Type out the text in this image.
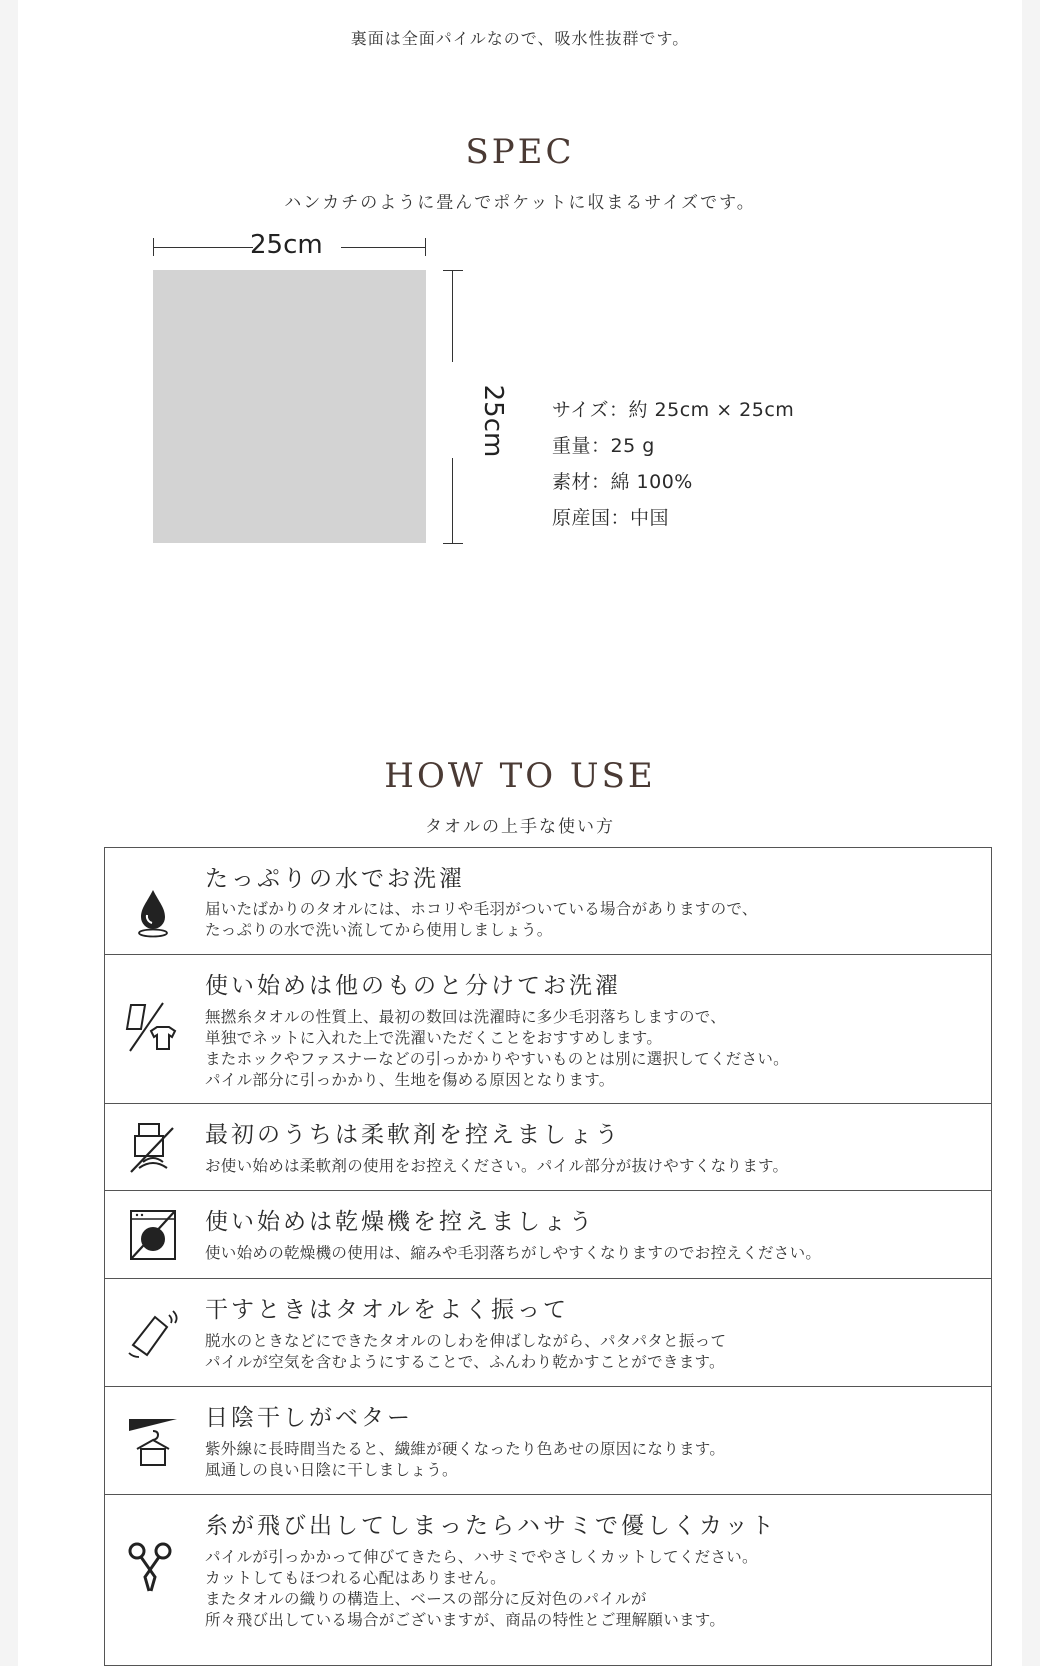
裏面は全面パイルなので、吸水性抜群です。
SPEC
ハンカチのように畳んでポケットに収まるサイズです。
25cm
25cm サイズ：約 25cm × 25cm
重量：25 g
素材：綿 100%
原産国：中国
HOW TO USE
タオルの上手な使い方
たっぷりの水でお洗濯
届いたばかりのタオルには、ホコリや毛羽がついている場合がありますので、
たっぷりの水で洗い流してから使用しましょう。
使い始めは他のものと分けてお洗濯
無撚糸タオルの性質上、最初の数回は洗濯時に多少毛羽落ちしますので、
単独でネットに入れた上で洗濯いただくことをおすすめします。
またホックやファスナーなどの引っかかりやすいものとは別に選択してください。
パイル部分に引っかかり、生地を傷める原因となります。
最初のうちは柔軟剤を控えましょう
お使い始めは柔軟剤の使用をお控えください。パイル部分が抜けやすくなります。
使い始めは乾燥機を控えましょう
使い始めの乾燥機の使用は、縮みや毛羽落ちがしやすくなりますのでお控えください。
干すときはタオルをよく振って
脱水のときなどにできたタオルのしわを伸ばしながら、パタパタと振って
パイルが空気を含むようにすることで、ふんわり乾かすことができます。
日陰干しがベター
紫外線に長時間当たると、繊維が硬くなったり色あせの原因になります。
風通しの良い日陰に干しましょう。
糸が飛び出してしまったらハサミで優しくカット
パイルが引っかかって伸びてきたら、ハサミでやさしくカットしてください。
カットしてもほつれる心配はありません。
またタオルの織りの構造上、ベースの部分に反対色のパイルが
所々飛び出している場合がございますが、商品の特性とご理解願います。
